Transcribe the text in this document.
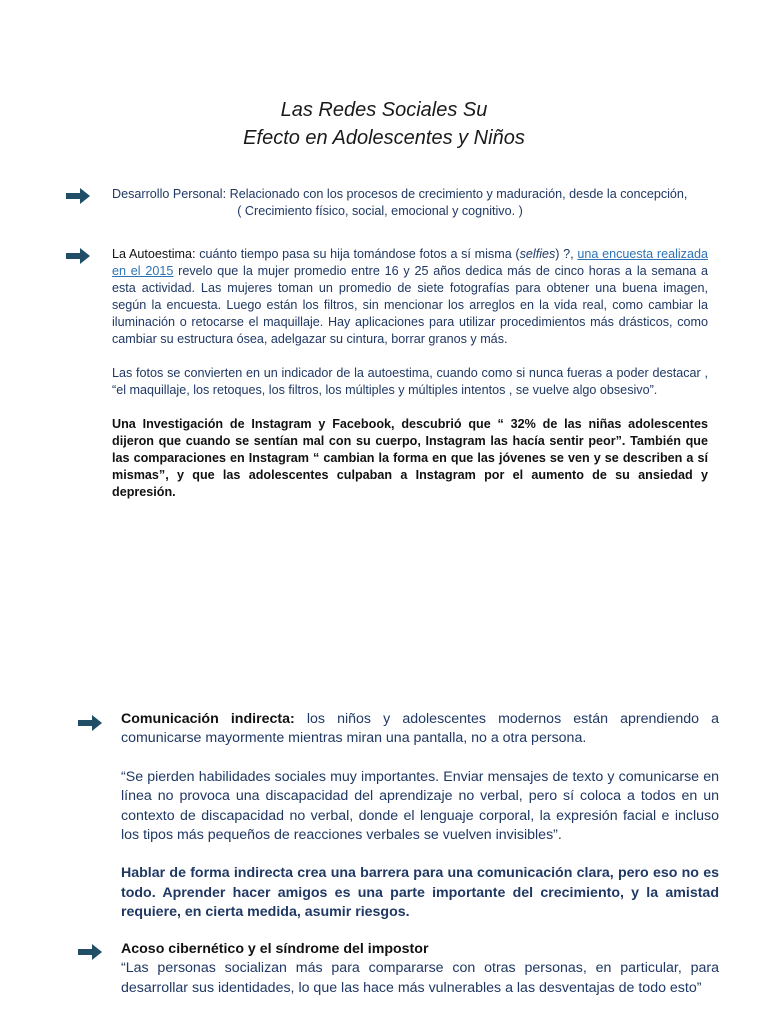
Las Redes Sociales Su
Efecto en Adolescentes y Niños

Desarrollo Personal: Relacionado con los procesos de crecimiento y maduración, desde la concepción,

( Crecimiento físico, social, emocional y cognitivo. )

La Autoestima: cuánto tiempo pasa su hija tomándose fotos a sí misma (selfies) ?, una encuesta realizada en el 2015 revelo que la mujer promedio entre 16 y 25 años dedica más de cinco horas a la semana a esta actividad. Las mujeres toman un promedio de siete fotografías para obtener una buena imagen, según la encuesta. Luego están los filtros, sin mencionar los arreglos en la vida real, como cambiar la iluminación o retocarse el maquillaje. Hay aplicaciones para utilizar procedimientos más drásticos, como cambiar su estructura ósea, adelgazar su cintura, borrar granos y más.

Las fotos se convierten en un indicador de la autoestima, cuando como si nunca fueras a poder destacar , “el maquillaje, los retoques, los filtros, los múltiples y múltiples intentos , se vuelve algo obsesivo”.

Una Investigación de Instagram y Facebook, descubrió que “ 32% de las niñas adolescentes dijeron que cuando se sentían mal con su cuerpo, Instagram las hacía sentir peor”. También que las comparaciones en Instagram “ cambian la forma en que las jóvenes se ven y se describen a sí mismas”, y que las adolescentes culpaban a Instagram por el aumento de su ansiedad y depresión.

Comunicación indirecta: los niños y adolescentes modernos están aprendiendo a comunicarse mayormente mientras miran una pantalla, no a otra persona.

“Se pierden habilidades sociales muy importantes. Enviar mensajes de texto y comunicarse en línea no provoca una discapacidad del aprendizaje no verbal, pero sí coloca a todos en un contexto de discapacidad no verbal, donde el lenguaje corporal, la expresión facial e incluso los tipos más pequeños de reacciones verbales se vuelven invisibles”.

Hablar de forma indirecta crea una barrera para una comunicación clara, pero eso no es todo. Aprender hacer amigos es una parte importante del crecimiento, y la amistad requiere, en cierta medida, asumir riesgos.

Acoso cibernético y el síndrome del impostor

“Las personas socializan más para compararse con otras personas, en particular, para desarrollar sus identidades, lo que las hace más vulnerables a las desventajas de todo esto”
